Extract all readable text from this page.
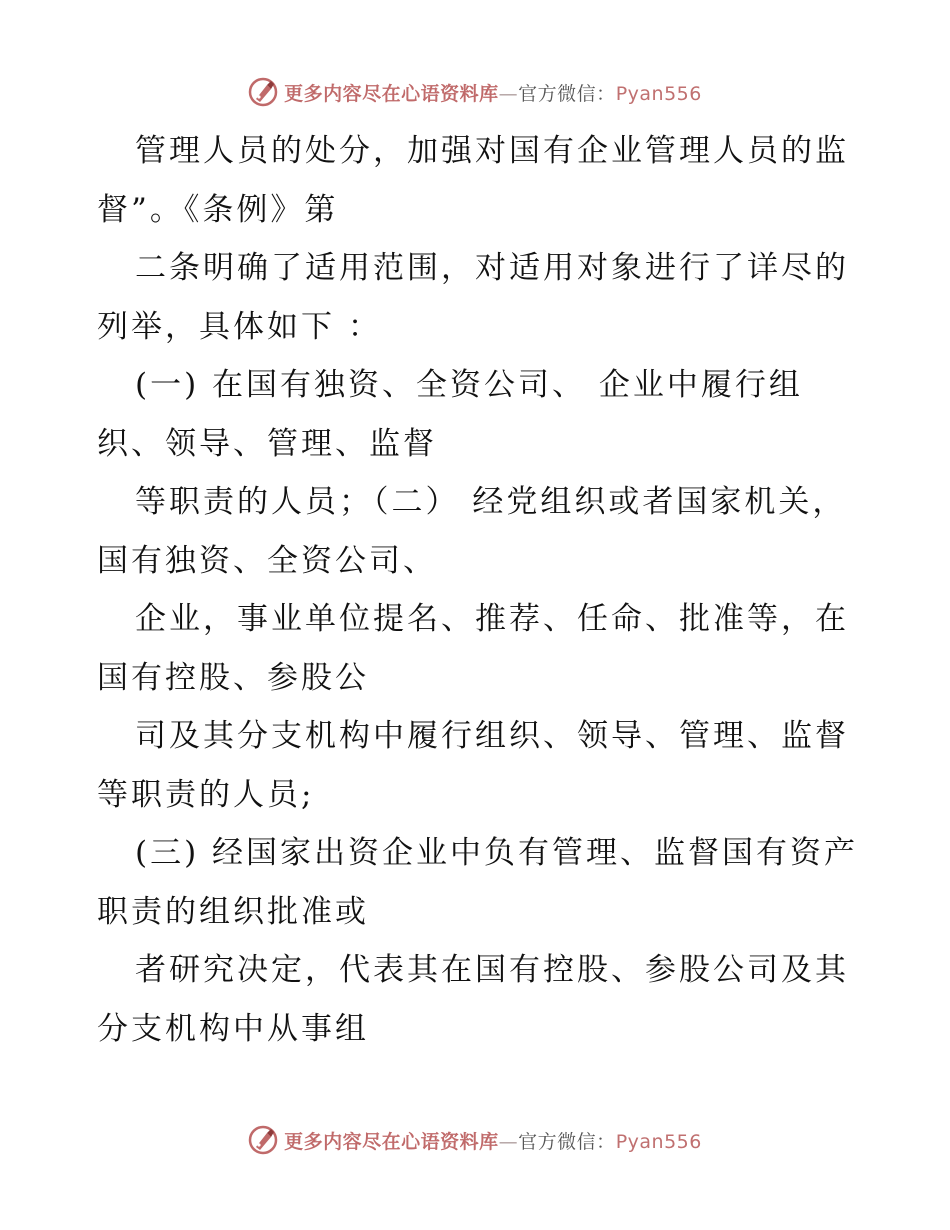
更多内容尽在心语资料库—官方微信：Pyan556
管理人员的处分，加强对国有企业管理人员的监
督”。《条例》第
二条明确了适用范围，对适用对象进行了详尽的
列举，具体如下 ：
(一) 在国有独资、全资公司、 企业中履行组
织、领导、管理、监督
等职责的人员；（二） 经党组织或者国家机关，
国有独资、全资公司、
企业，事业单位提名、推荐、任命、批准等，在
国有控股、参股公
司及其分支机构中履行组织、领导、管理、监督
等职责的人员;
(三) 经国家出资企业中负有管理、监督国有资产
职责的组织批准或
者研究决定，代表其在国有控股、参股公司及其
分支机构中从事组
更多内容尽在心语资料库—官方微信：Pyan556
